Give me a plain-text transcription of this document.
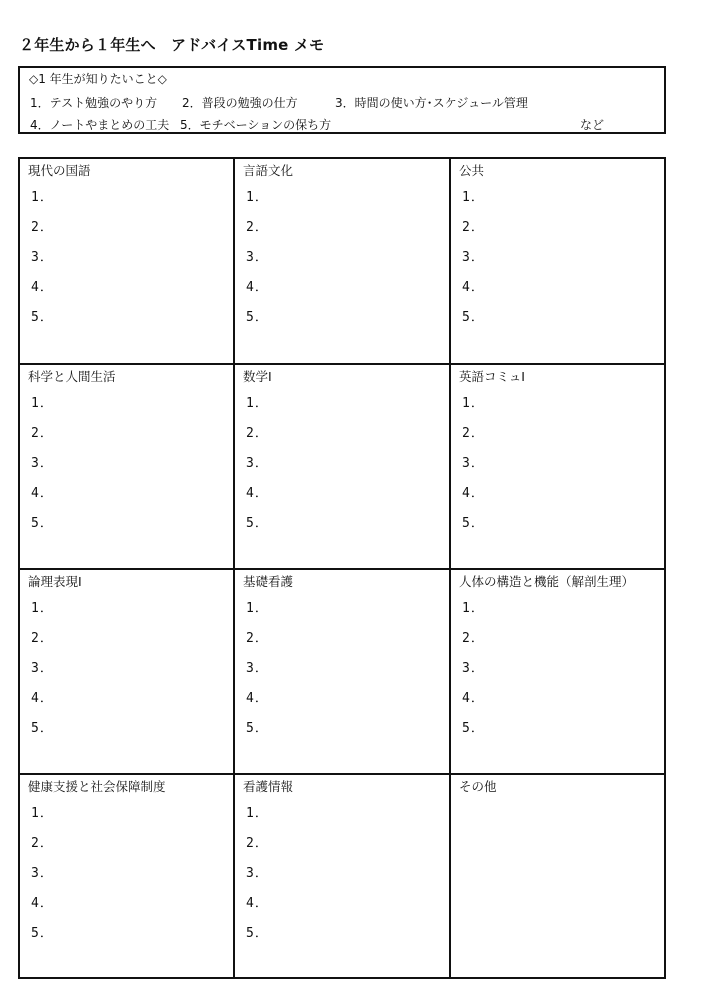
２年生から１年生へ　アドバイスTime メモ
◇1 年生が知りたいこと◇
1．テスト勉強のやり方 2．普段の勉強の仕方	3．時間の使い方･スケジュール管理
4．ノートやまとめの工夫 5．モチベーションの保ち方	など
現代の国語
1．
2．
3．
4．
5．
言語文化
1．
2．
3．
4．
5．
公共
1．
2．
3．
4．
5．
科学と人間生活
1．
2．
3．
4．
5．
数学Ⅰ
1．
2．
3．
4．
5．
英語コミュⅠ
1．
2．
3．
4．
5．
論理表現Ⅰ
1．
2．
3．
4．
5．
基礎看護
1．
2．
3．
4．
5．
人体の構造と機能（解剖生理）
1．
2．
3．
4．
5．
健康支援と社会保障制度
1．
2．
3．
4．
5．
看護情報
1．
2．
3．
4．
5．
その他
